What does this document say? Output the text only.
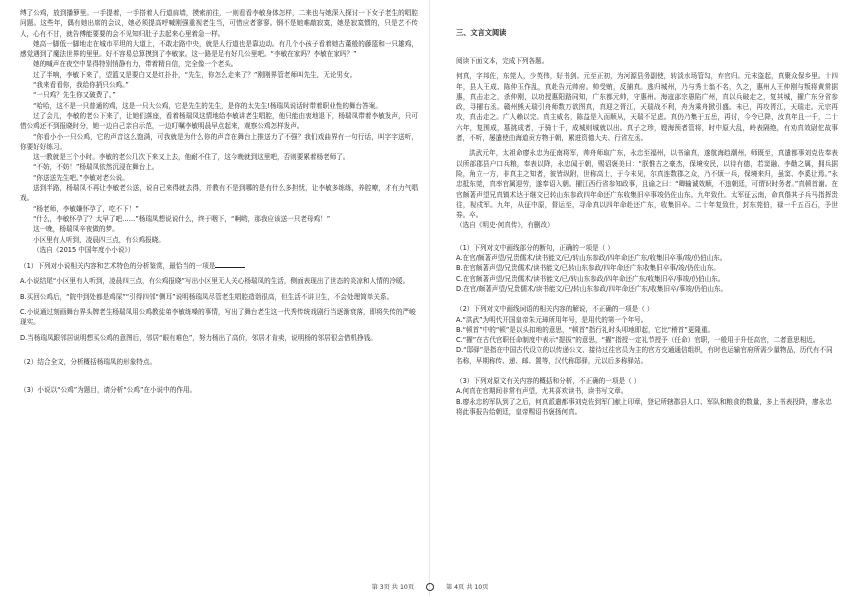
缚了公鸡，放到播箩里。一手提着，一手搭着人行道肩墙，摸索前往，一则看看李敏身体怎样，二来也与她深入探讨一下女子老生的唱腔问题。这些年，偶有她出席的会议，她必须提高呼喊刚强重视老生当，可惜应者寥寥。钢不是她难敲寂寞，她是寂寞惯的，只是艺不传人，心有不甘，就告傅能要要的会不见知归肚子去起来心里着急一样。

她高一脚低一脚地走在城市平坦的大道上，不敢走路中央，就是人行道也是靠边动。有几个小孩子看着她古董般的藤篮和一只雄鸡，感觉遇到了魔法世界的里里。好不容易总算摸到了李敏家。这一路是足有好几公里吧。“李敏在家吗？李敏在家吗？”

她的喊声在夜空中显得特别悄静有力，带着精自信，完全像一个老头。

过了半响，李敏下来了，望篮又是要白又是红扑扑，“先生，你怎么走来了？”刚刚界管老师叫先生，无论男女。

“我来看看你，我给你捎只公鸡。”

“一只鸡？先生你又破费了。”

“哈哈，这不是一只普通的鸡，这是一只大公鸡，它是先生的先生，是你的太先生!杨瑞凤说话时带着职业性的舞台答案。

过了会儿，李敏的老公下来了，让她们落座，看着杨瑞凤这情地给李敏讲老生唱腔，他只能由衷地退下，杨瑞凤带着李敏发声，只可惜公鸡还不到报晓时分，她一边自己亲自示范，一边叮嘱李敏明晨早点起来，观察公鸡怎样发声。

“你看小小一只公鸡，它的声音这么饱满，可我就是为什么你的声音在舞台上推送力了不强？我们戏曲界有一句行话，叫字字送听，你要好好练习。

这一教就是三个小时。李敏的老公几次下来又上去，他耐不住了，这今晚就到这里吧，否则要累着杨老师了。

“不妨，不妨！”杨瑞凤依然沉浸在舞台上。

“你送送先生吧。”李敏对老公说。

送到半路，杨瑞凤不再让李敏老公送，说自己来得就去得，并教有不是到哪的是有什么多担忧，让李敏多练练，养腔嘹，才有力气唱戏。

“杨老师，李敏嫌怀孕了，吃不下！”

“什么，李敏怀孕了？太早了吧……”杨瑞凤想说说什么，终于咽下，“啊哟，那我应该送一只老母鸡！”

这一晚，杨瑞凤辛夜做的梦。

小区里有人听到，凌晨四三点，有公鸡报晓。

（选自《2015 中国年度小小说》）

（1）下列对小说相关内容和艺术特色的分析鉴赏，最恰当的一项是

A.小说结尾“小区里有人听到，凌晨四三点，有公鸡报晓”写出小区里无人关心杨瑞凤的生活，侧面表现出了世态的炎凉和人情的冷暖。

B.买回公鸡后，“院中到处都是鸡屎”“引得四邻“侧耳”说明杨瑞凤尽管老生唱腔造诣很高，但生活不讲卫生，不会处理简单关系。

C.小说通过刻画舞台界头牌老生杨瑞凤用公鸡教徒弟李敏练嗓的事情，写出了舞台老生这一代秀传统戏剧行当逐渐衰落，即将失传的严峻现实。

D.当杨瑞凤跟邻居说明想买公鸡的意图后，邻居“眼有难色”，努力杨出了高价，邻居才肯卖，说明杨的邻居很会借机挣钱。

（2）结合全文，分析概括杨瑞凤的形象特点。

（3）小说以“公鸡”为题目，请分析“公鸡”在小说中的作用。

三、文言文阅读

阅读下面文本，完成下列各题。

何真，字邦佐，东莞人，少英伟，好书剑。元至正初，为河源县务副使，转淡水场管勾，弃官归。元末盗起，真聚众保乡里。十四年，县人王成、陈仲玉作乱，真赴告元帅府。帅受贿，反捕真。逃归城州，乃与秀士翁不名，久之，惠州人王仲刚与叛将黄常据惠，真击走之，杀仲刚，以功授惠阳路同知，广东都元帅，守惠州。海寇邵宗愚陷广州，真以兵破走之，复其城，擢广东分省参政，寻擢右丞。赣州熊天瑞引舟师数万欲图真，真迎之胥江，天瑞战不利，舟为乘舟掀引盛。未已，再攻胥江，天瑞走。元宗再攻，真击走之。广人赖以完。真主威名，陈益是入而顺从，天瑞不足虑。真仍乃集于五岳，再讨，今令已降，汝真年且一千，二十六年，复围成，墓挑成者，于骑十千，成城则城就以出。真子之珍，嫂海预者管将，时中原大乱，岭表隔绝，有劝真效尉佗故事者，不听，屡遣使由海道贡方物于朝，累进资德大夫、行省左丞。

洪武元年，太祖命廖永忠为征南将军，帅舟师取广东，永忠至福州，以书谕真，遂航海趋潮州，师既至，真遣都事刘克佐奉表以所部郡县户口兵粮，奉表以降，永忠闻于朝，赐诏褒美曰：“朕惟古之豪杰，保境安民，以待有德，若窦融、李勣之属，拥兵据险，角立一方，非真主之知者，彼皆纵附，世称高士，于今未见，尔真连数郡之众，乃不烦一兵，保境来归，虽窦、李奚让焉。”永忠抵东莞，真率官属迎劳，遂奉诏入朝。擢江西行省参知政事，且谕之曰：“卿输诚效顺，不违朝廷，可谓识时务者。”真顿首谢。在官颇著声望兄真镇术达于继文已转山东参政四年命还广东收集旧卒事竣仍佐山东。九年致仕。太军征云南，命真偕其子兵马指挥贵往，视戍军。九年，从征中原，督运至，寻命真以四年命赴还广东，收集旧卒。二十年复致仕，封东莞伯，禄一千五百石，予世券。卒。

（选自《明史·何真传》，有删改）

（1）下列对文中画线部分的断句，正确的一项是（ ）

A.在官/颇著声望/兄贵儒术/读书能文/已/转山东参政/四年命还广东/收集旧卒事/竣/仍伯山东。

B.在官颇著声望/兄贵儒术/读书能文/已转山东参政/四年命还广东收集旧卒事/竣/仍佐山东。

C.在官颇著声望/兄贵儒术/读书能文/已/转山东参政/四年命还广东/收集旧卒/事竣/仍伯山东。

D.在官/颇著声望/兄贵儒术/读书能文/已/转山东参政/四年命还广东/收集旧卒/事竣/仍伯山东。

（2）下列对文中画线词语的相关内容的解说，不正确的一项是（ ）

A.“洪武”为明代开国皇帝朱元璋所用年号，是用代的第一个年号。

B.“顿首”中的“顿”是以头扣地的意思，“顿首”指行礼时头叩地即起，它比“稽首”更隆重。

C.“擢”在古代官职任命制度中表示“提拔”的意思，“擢”指授一定礼节授予（任命）官职，一般用于升任高官，二者意思相近。

D.“邸驿”是指在中国古代设立的以传递公文、接待过往官员为主的官方交通通信组织，有时也运输官府所需少量物品，历代有不同名称，早期称传、递、邮、置等，汉代称邸驿，元以后多称驿站。

（3）下列对原文有关内容的概括和分析，不正确的一项是（ ）

A.何真在官期间非常有声望，尤其喜欢读书，读书写文章。

B.廖永忠的军队到了之后，何真派遣都事刘克佐到军门献上印章，登记所辖郡县人口、军队和粮食的数量，多上书表投降，廖永忠将此事报告给朝廷，皇帝赐诏书褒扬何真。

第 3页 共 10页	第 4页 共 10页
